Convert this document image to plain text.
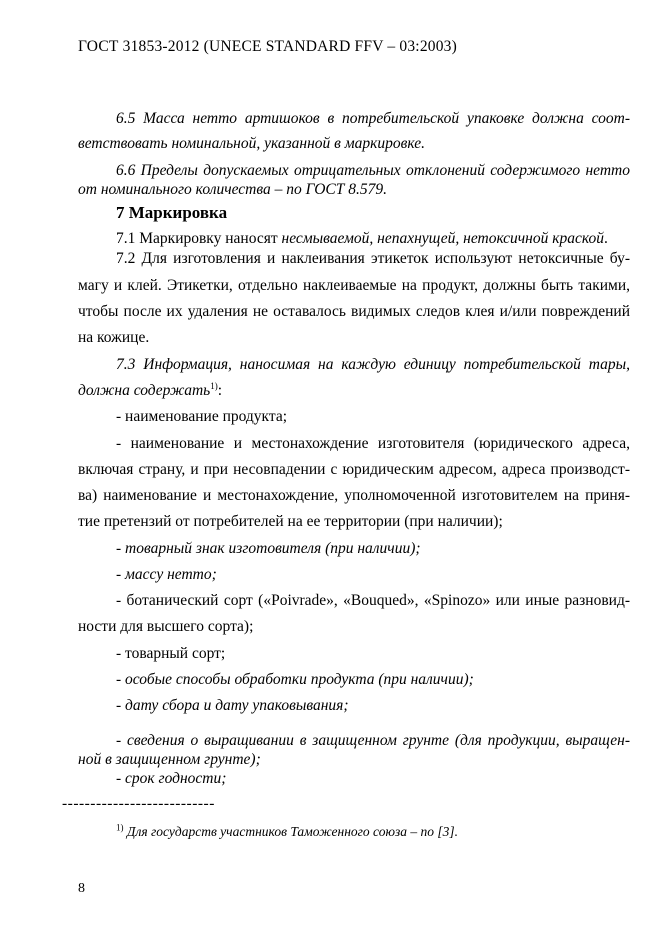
ГОСТ 31853-2012 (UNECE STANDARD FFV – 03:2003)
6.5 Масса нетто артишоков в потребительской упаковке должна соот-
ветствовать номинальной, указанной в маркировке.
6.6 Пределы допускаемых отрицательных отклонений содержимого нетто
от номинального количества – по ГОСТ 8.579.
7 Маркировка
7.1 Маркировку наносят несмываемой, непахнущей, нетоксичной краской.
7.2 Для изготовления и наклеивания этикеток используют нетоксичные бу-
магу и клей. Этикетки, отдельно наклеиваемые на продукт, должны быть такими,
чтобы после их удаления не оставалось видимых следов клея и/или повреждений
на кожице.
7.3 Информация, наносимая на каждую единицу потребительской тары,
должна содержать$^{1)}$:
- наименование продукта;
- наименование и местонахождение изготовителя (юридического адреса,
включая страну, и при несовпадении с юридическим адресом, адреса производст-
ва) наименование и местонахождение, уполномоченной изготовителем на приня-
тие претензий от потребителей на ее территории (при наличии);
- товарный знак изготовителя (при наличии);
- массу нетто;
- ботанический сорт («Poivrade», «Bouqued», «Spinozo» или иные разновид-
ности для высшего сорта);
- товарный сорт;
- особые способы обработки продукта (при наличии);
- дату сбора и дату упаковывания;
- сведения о выращивании в защищенном грунте (для продукции, выращен-
ной в защищенном грунте);
- срок годности;
---------------------------
$^{1)}$ Для государств участников Таможенного союза – по [3].
8
